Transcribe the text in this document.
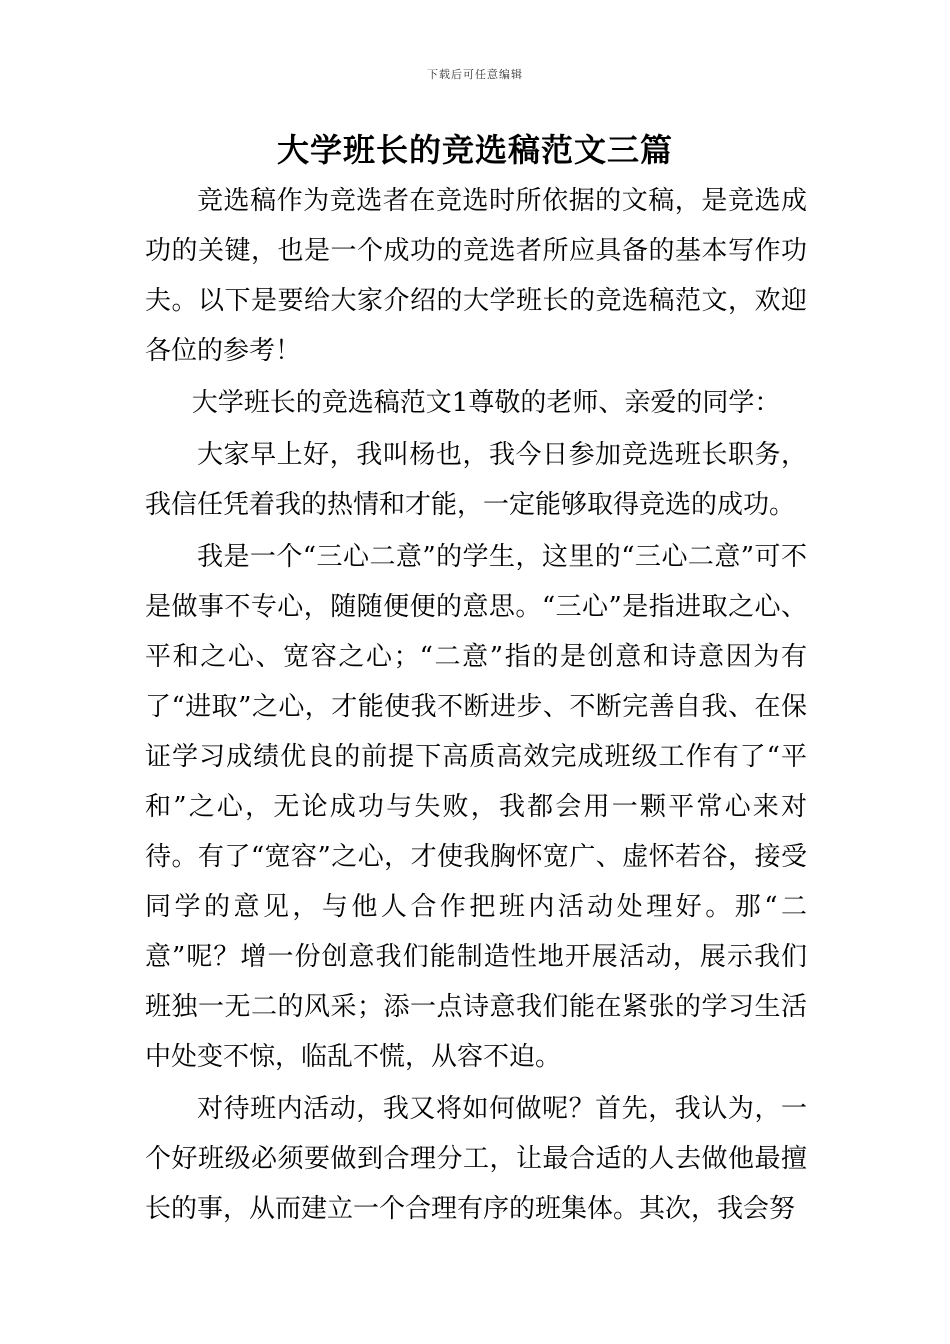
下载后可任意编辑
大学班长的竞选稿范文三篇

竞选稿作为竞选者在竞选时所依据的文稿，是竞选成功的关键，也是一个成功的竞选者所应具备的基本写作功夫。以下是要给大家介绍的大学班长的竞选稿范文，欢迎各位的参考！

大学班长的竞选稿范文1尊敬的老师、亲爱的同学：

大家早上好，我叫杨也，我今日参加竞选班长职务，我信任凭着我的热情和才能，一定能够取得竞选的成功。

我是一个“三心二意”的学生，这里的“三心二意”可不是做事不专心，随随便便的意思。“三心”是指进取之心、平和之心、宽容之心；“二意”指的是创意和诗意因为有了“进取”之心，才能使我不断进步、不断完善自我、在保证学习成绩优良的前提下高质高效完成班级工作有了“平和”之心，无论成功与失败，我都会用一颗平常心来对待。有了“宽容”之心，才使我胸怀宽广、虚怀若谷，接受同学的意见，与他人合作把班内活动处理好。那“二意”呢？增一份创意我们能制造性地开展活动，展示我们班独一无二的风采；添一点诗意我们能在紧张的学习生活中处变不惊，临乱不慌，从容不迫。

对待班内活动，我又将如何做呢？首先，我认为，一个好班级必须要做到合理分工，让最合适的人去做他最擅长的事，从而建立一个合理有序的班集体。其次，我会努
